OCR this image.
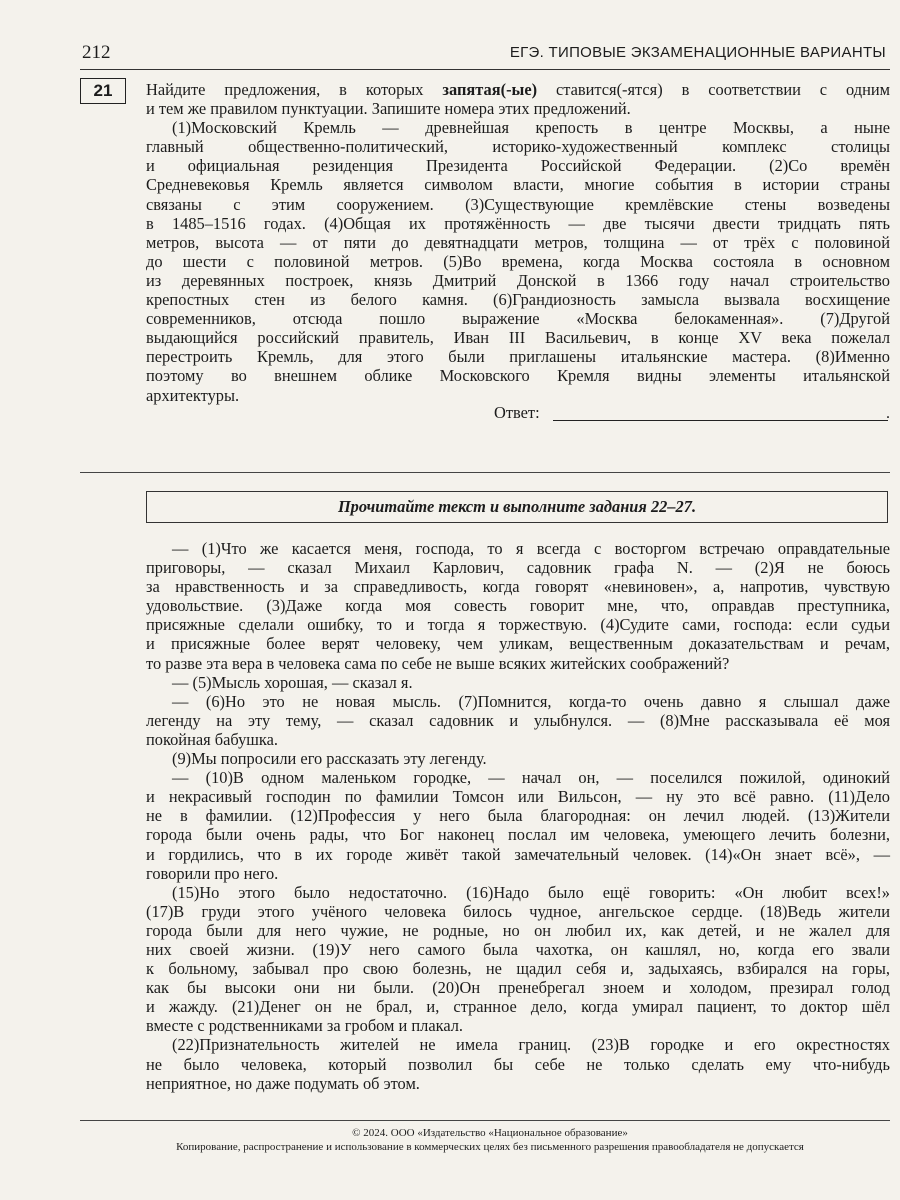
212	ЕГЭ. ТИПОВЫЕ ЭКЗАМЕНАЦИОННЫЕ ВАРИАНТЫ
21	Найдите предложения, в которых запятая(-ые) ставится(-ятся) в соответствии с одним
и тем же правилом пунктуации. Запишите номера этих предложений.
(1)Московский Кремль — древнейшая крепость в центре Москвы, а ныне
главный общественно-политический, историко-художественный комплекс столицы
и официальная резиденция Президента Российской Федерации. (2)Со времён
Средневековья Кремль является символом власти, многие события в истории страны
связаны с этим сооружением. (3)Существующие кремлёвские стены возведены
в 1485–1516 годах. (4)Общая их протяжённость — две тысячи двести тридцать пять
метров, высота — от пяти до девятнадцати метров, толщина — от трёх с половиной
до шести с половиной метров. (5)Во времена, когда Москва состояла в основном
из деревянных построек, князь Дмитрий Донской в 1366 году начал строительство
крепостных стен из белого камня. (6)Грандиозность замысла вызвала восхищение
современников, отсюда пошло выражение «Москва белокаменная». (7)Другой
выдающийся российский правитель, Иван III Васильевич, в конце XV века пожелал
перестроить Кремль, для этого были приглашены итальянские мастера. (8)Именно
поэтому во внешнем облике Московского Кремля видны элементы итальянской
архитектуры.
Ответ:	.
Прочитайте текст и выполните задания 22–27.
— (1)Что же касается меня, господа, то я всегда с восторгом встречаю оправдательные
приговоры, — сказал Михаил Карлович, садовник графа N. — (2)Я не боюсь
за нравственность и за справедливость, когда говорят «невиновен», а, напротив, чувствую
удовольствие. (3)Даже когда моя совесть говорит мне, что, оправдав преступника,
присяжные сделали ошибку, то и тогда я торжествую. (4)Судите сами, господа: если судьи
и присяжные более верят человеку, чем уликам, вещественным доказательствам и речам,
то разве эта вера в человека сама по себе не выше всяких житейских соображений?
— (5)Мысль хорошая, — сказал я.
— (6)Но это не новая мысль. (7)Помнится, когда-то очень давно я слышал даже
легенду на эту тему, — сказал садовник и улыбнулся. — (8)Мне рассказывала её моя
покойная бабушка.
(9)Мы попросили его рассказать эту легенду.
— (10)В одном маленьком городке, — начал он, — поселился пожилой, одинокий
и некрасивый господин по фамилии Томсон или Вильсон, — ну это всё равно. (11)Дело
не в фамилии. (12)Профессия у него была благородная: он лечил людей. (13)Жители
города были очень рады, что Бог наконец послал им человека, умеющего лечить болезни,
и гордились, что в их городе живёт такой замечательный человек. (14)«Он знает всё», —
говорили про него.
(15)Но этого было недостаточно. (16)Надо было ещё говорить: «Он любит всех!»
(17)В груди этого учёного человека билось чудное, ангельское сердце. (18)Ведь жители
города были для него чужие, не родные, но он любил их, как детей, и не жалел для
них своей жизни. (19)У него самого была чахотка, он кашлял, но, когда его звали
к больному, забывал про свою болезнь, не щадил себя и, задыхаясь, взбирался на горы,
как бы высоки они ни были. (20)Он пренебрегал зноем и холодом, презирал голод
и жажду. (21)Денег он не брал, и, странное дело, когда умирал пациент, то доктор шёл
вместе с родственниками за гробом и плакал.
(22)Признательность жителей не имела границ. (23)В городке и его окрестностях
не было человека, который позволил бы себе не только сделать ему что-нибудь
неприятное, но даже подумать об этом.
© 2024. ООО «Издательство «Национальное образование»
Копирование, распространение и использование в коммерческих целях без письменного разрешения правообладателя не допускается
